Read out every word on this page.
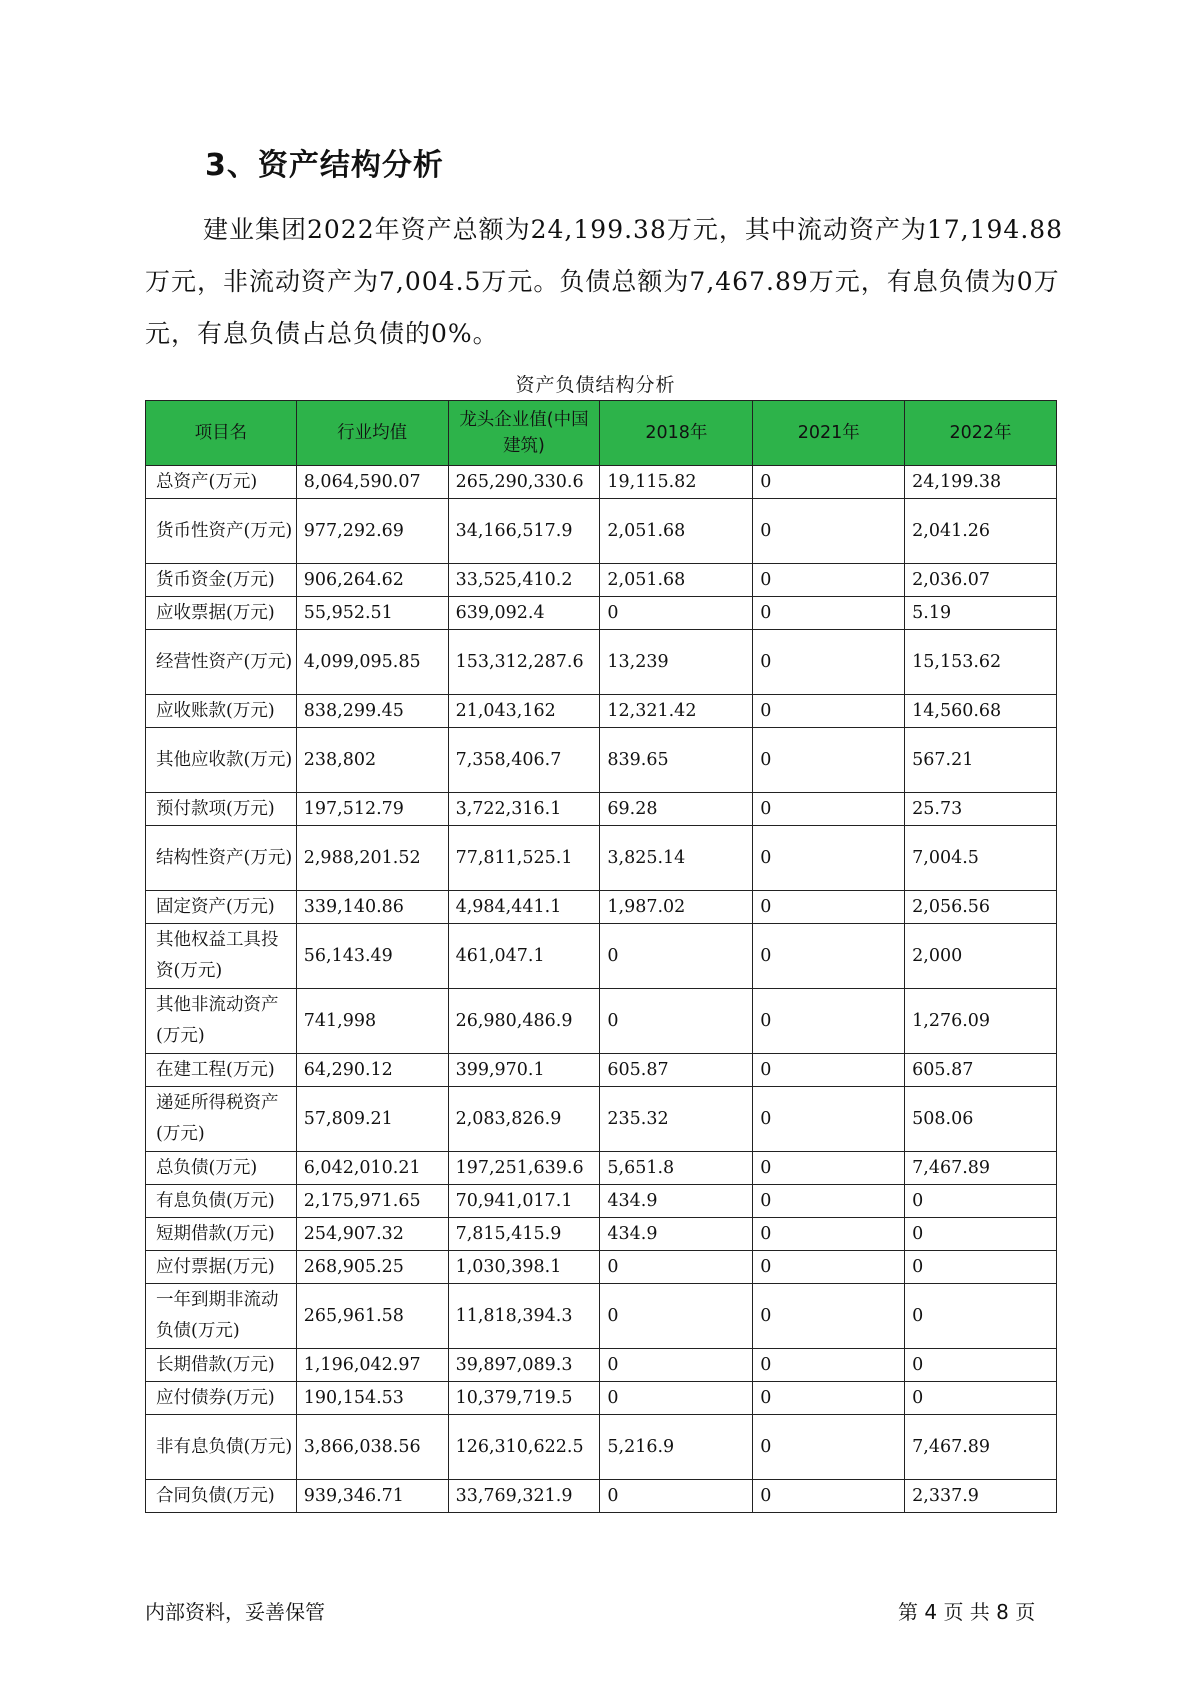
3、资产结构分析

建业集团2022年资产总额为24,199.38万元，其中流动资产为17,194.88万元，非流动资产为7,004.5万元。负债总额为7,467.89万元，有息负债为0万元，有息负债占总负债的0%。

资产负债结构分析
项目名	行业均值	龙头企业值(中国建筑)	2018年	2021年	2022年
总资产(万元)	8,064,590.07	265,290,330.6	19,115.82	0	24,199.38
货币性资产(万元)	977,292.69	34,166,517.9	2,051.68	0	2,041.26
货币资金(万元)	906,264.62	33,525,410.2	2,051.68	0	2,036.07
应收票据(万元)	55,952.51	639,092.4	0	0	5.19
经营性资产(万元)	4,099,095.85	153,312,287.6	13,239	0	15,153.62
应收账款(万元)	838,299.45	21,043,162	12,321.42	0	14,560.68
其他应收款(万元)	238,802	7,358,406.7	839.65	0	567.21
预付款项(万元)	197,512.79	3,722,316.1	69.28	0	25.73
结构性资产(万元)	2,988,201.52	77,811,525.1	3,825.14	0	7,004.5
固定资产(万元)	339,140.86	4,984,441.1	1,987.02	0	2,056.56
其他权益工具投资(万元)	56,143.49	461,047.1	0	0	2,000
其他非流动资产(万元)	741,998	26,980,486.9	0	0	1,276.09
在建工程(万元)	64,290.12	399,970.1	605.87	0	605.87
递延所得税资产(万元)	57,809.21	2,083,826.9	235.32	0	508.06
总负债(万元)	6,042,010.21	197,251,639.6	5,651.8	0	7,467.89
有息负债(万元)	2,175,971.65	70,941,017.1	434.9	0	0
短期借款(万元)	254,907.32	7,815,415.9	434.9	0	0
应付票据(万元)	268,905.25	1,030,398.1	0	0	0
一年到期非流动负债(万元)	265,961.58	11,818,394.3	0	0	0
长期借款(万元)	1,196,042.97	39,897,089.3	0	0	0
应付债券(万元)	190,154.53	10,379,719.5	0	0	0
非有息负债(万元)	3,866,038.56	126,310,622.5	5,216.9	0	7,467.89
合同负债(万元)	939,346.71	33,769,321.9	0	0	2,337.9
内部资料，妥善保管	第 4 页 共 8 页
